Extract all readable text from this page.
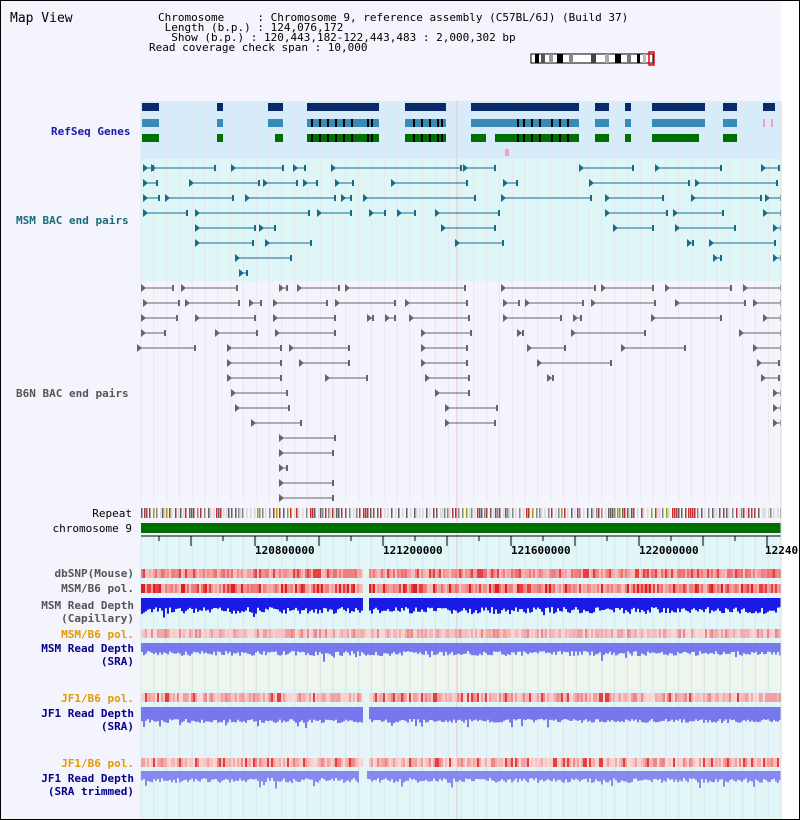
Map View	Chromosome     : Chromosome 9, reference assembly (C57BL/6J) (Build 37)
Length (b.p.) : 124,076,172
Show (b.p.) : 120,443,182-122,443,483 : 2,000,302 bp
Read coverage check span : 10,000
RefSeq Genes
MSM BAC end pairs
B6N BAC end pairs
Repeat
chromosome 9
120800000	121200000	121600000	122000000	12240
dbSNP(Mouse)
MSM/B6 pol.
MSM Read Depth
(Capillary)
MSM/B6 pol.
MSM Read Depth
(SRA)
JF1/B6 pol.
JF1 Read Depth
(SRA)
JF1/B6 pol.
JF1 Read Depth
(SRA trimmed)
